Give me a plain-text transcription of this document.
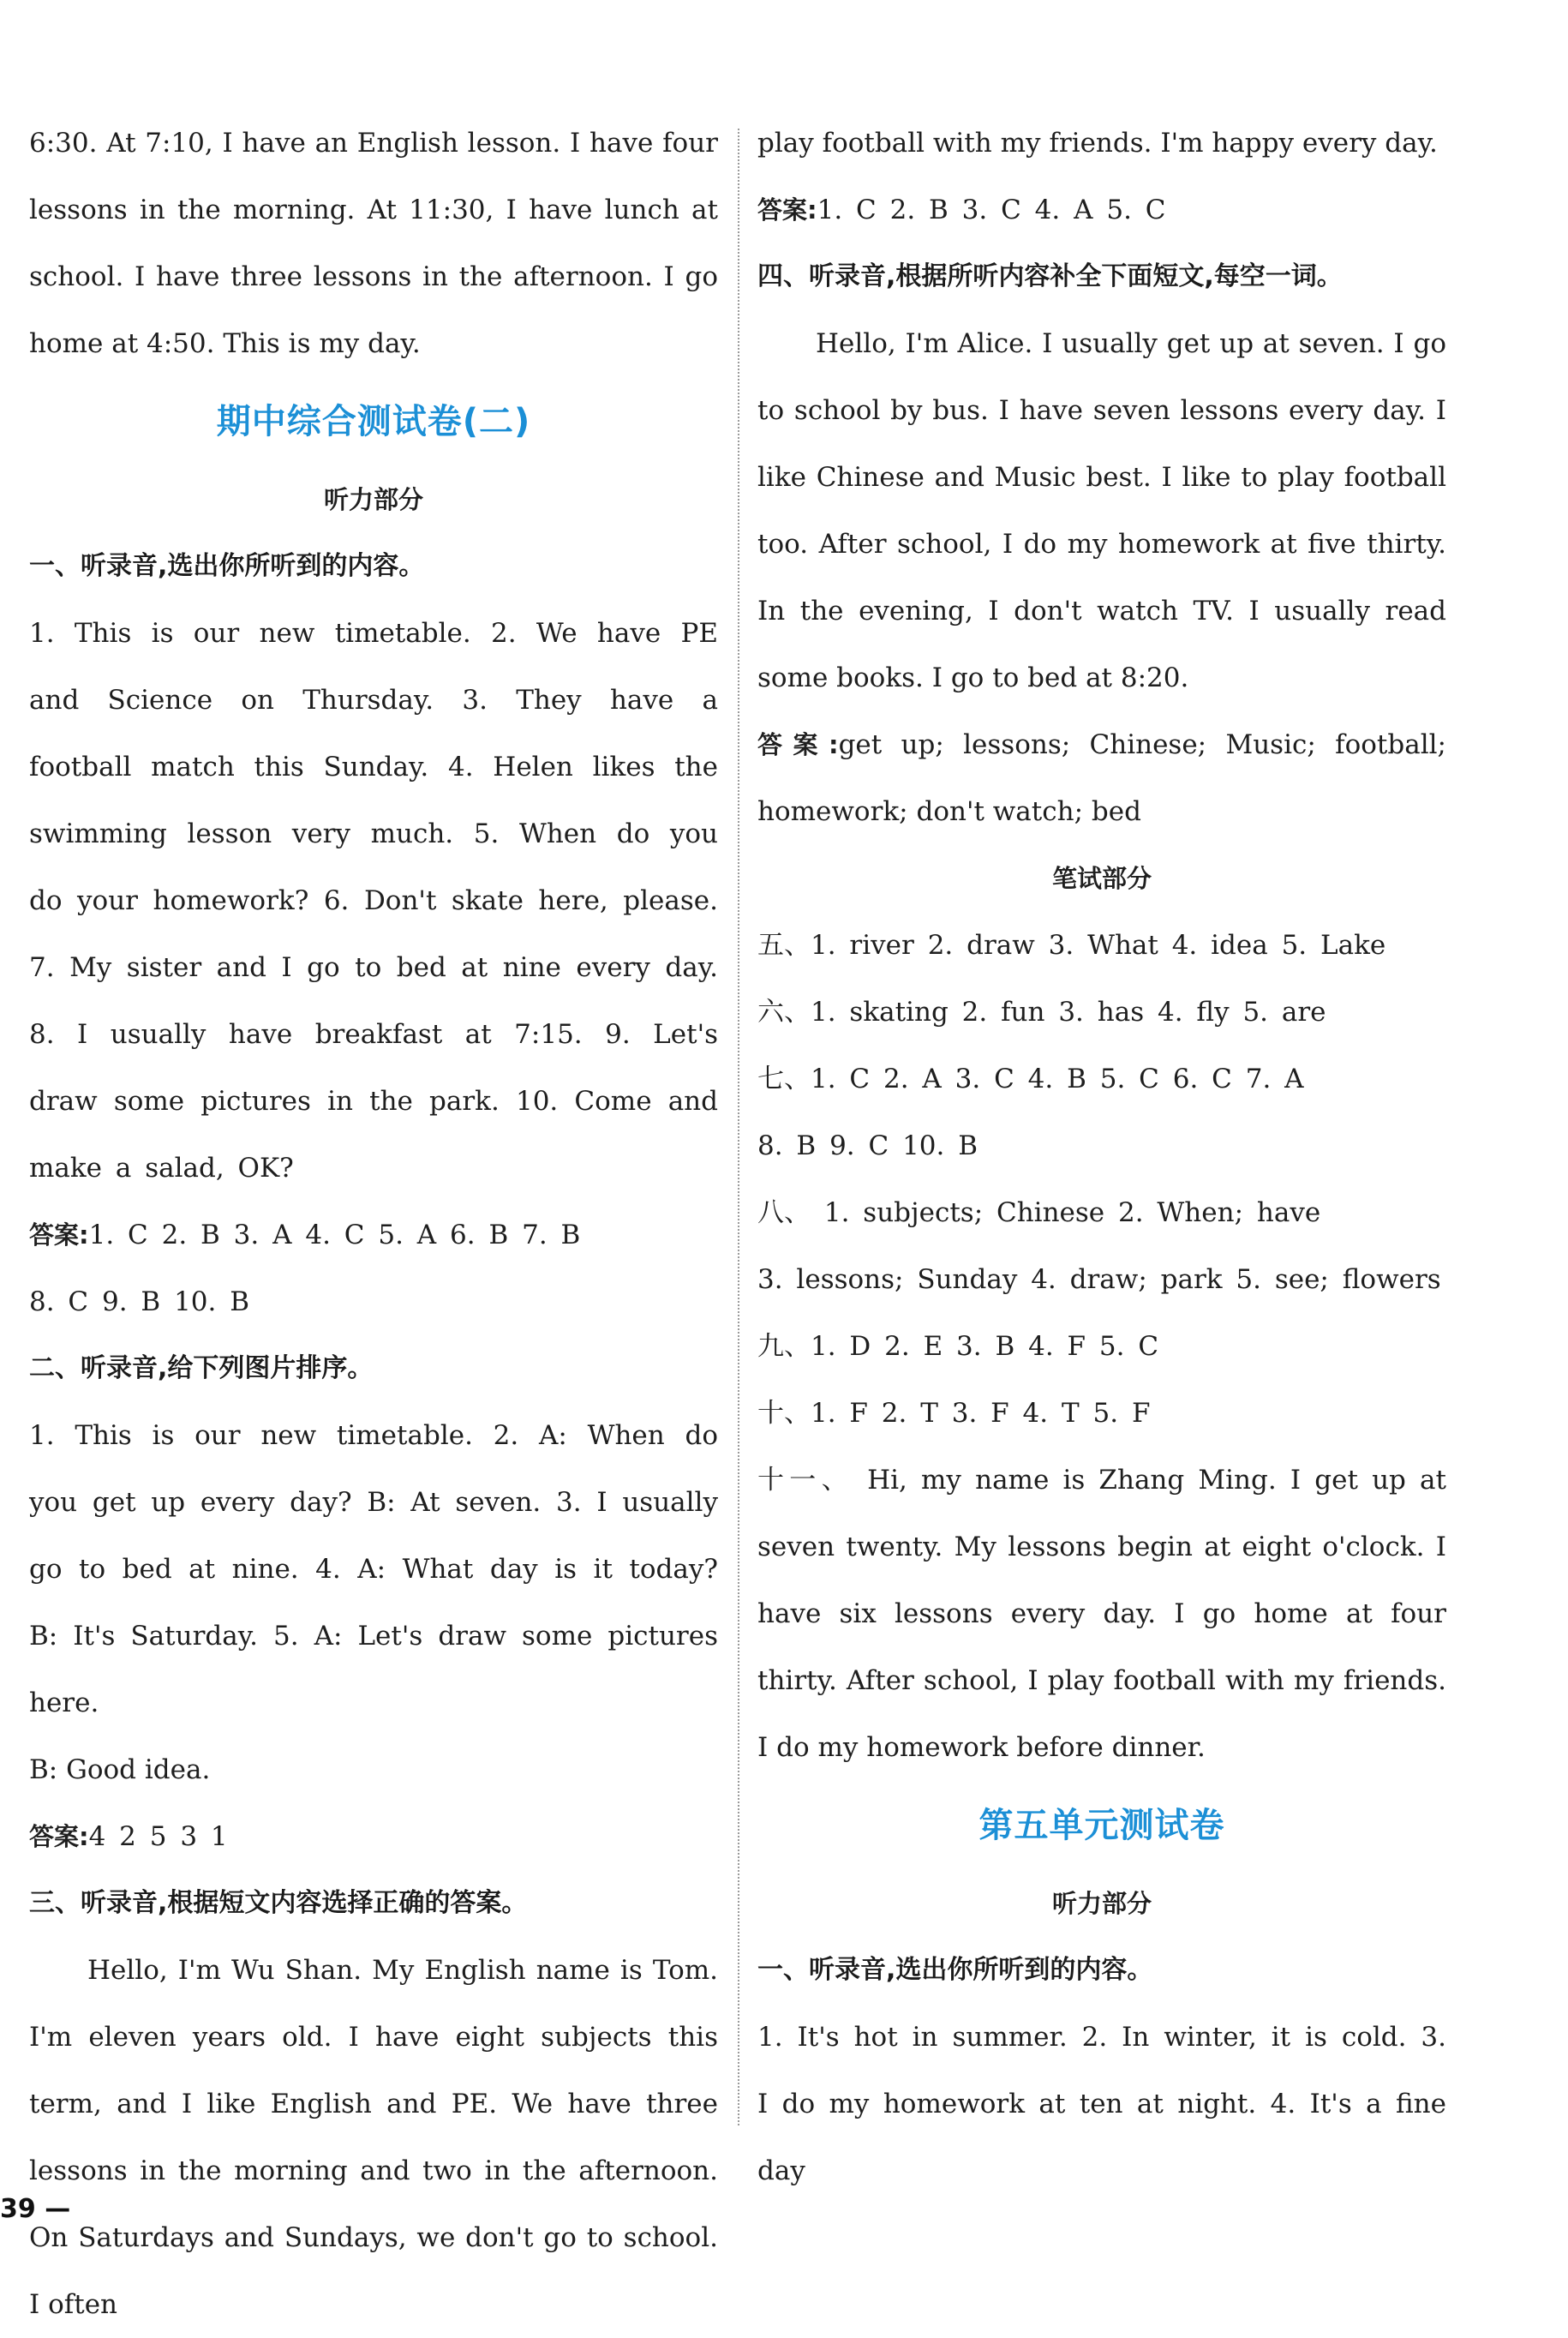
6:30. At 7:10, I have an English lesson. I have four lessons in the morning. At 11:30, I have lunch at school. I have three lessons in the afternoon. I go home at 4:50. This is my day.

期中综合测试卷(二)

听力部分

一、听录音,选出你所听到的内容。

1. This is our new timetable. 2. We have PE and Science on Thursday. 3. They have a football match this Sunday. 4. Helen likes the swimming lesson very much. 5. When do you do your homework? 6. Don't skate here, please. 7. My sister and I go to bed at nine every day. 8. I usually have breakfast at 7:15. 9. Let's draw some pictures in the park. 10. Come and make a salad, OK?

答案:1. C 2. B 3. A 4. C 5. A 6. B 7. B

8. C 9. B 10. B

二、听录音,给下列图片排序。

1. This is our new timetable. 2. A: When do you get up every day? B: At seven. 3. I usually go to bed at nine. 4. A: What day is it today? B: It's Saturday. 5. A: Let's draw some pictures here.

B: Good idea.

答案:4 2 5 3 1

三、听录音,根据短文内容选择正确的答案。

Hello, I'm Wu Shan. My English name is Tom. I'm eleven years old. I have eight subjects this term, and I like English and PE. We have three lessons in the morning and two in the afternoon. On Saturdays and Sundays, we don't go to school. I often

play football with my friends. I'm happy every day.

答案:1. C 2. B 3. C 4. A 5. C

四、听录音,根据所听内容补全下面短文,每空一词。

Hello, I'm Alice. I usually get up at seven. I go to school by bus. I have seven lessons every day. I like Chinese and Music best. I like to play football too. After school, I do my homework at five thirty. In the evening, I don't watch TV. I usually read some books. I go to bed at 8:20.

答案:get up; lessons; Chinese; Music; football; homework; don't watch; bed

笔试部分

五、1. river 2. draw 3. What 4. idea 5. Lake

六、1. skating 2. fun 3. has 4. fly 5. are

七、1. C 2. A 3. C 4. B 5. C 6. C 7. A

8. B 9. C 10. B

八、 1. subjects; Chinese 2. When; have

3. lessons; Sunday 4. draw; park 5. see; flowers

九、1. D 2. E 3. B 4. F 5. C

十、1. F 2. T 3. F 4. T 5. F

十一、 Hi, my name is Zhang Ming. I get up at seven twenty. My lessons begin at eight o'clock. I have six lessons every day. I go home at four thirty. After school, I play football with my friends. I do my homework before dinner.

第五单元测试卷

听力部分

一、听录音,选出你所听到的内容。

1. It's hot in summer. 2. In winter, it is cold. 3. I do my homework at ten at night. 4. It's a fine day

39 —
